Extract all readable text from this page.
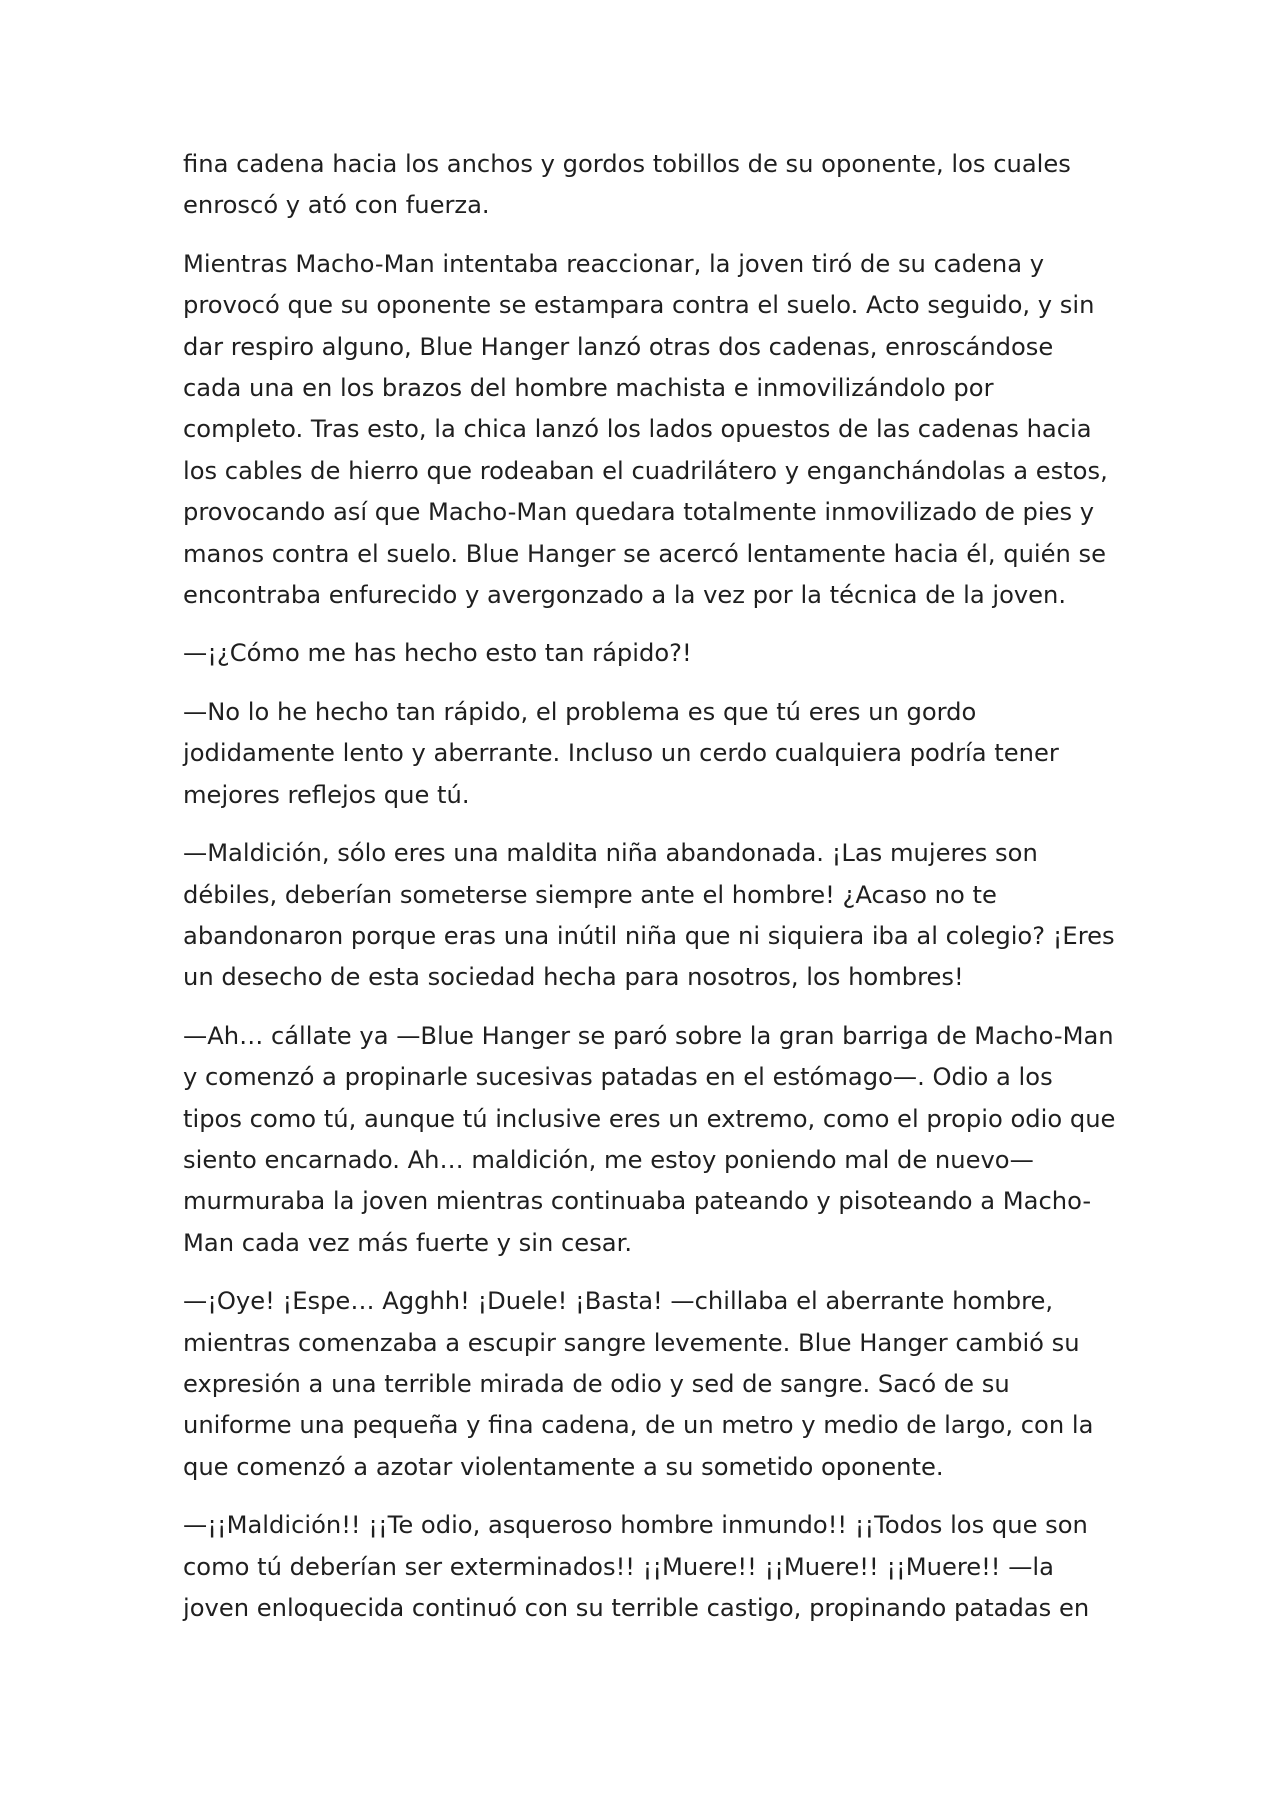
fina cadena hacia los anchos y gordos tobillos de su oponente, los cuales
enroscó y ató con fuerza.

Mientras Macho-Man intentaba reaccionar, la joven tiró de su cadena y
provocó que su oponente se estampara contra el suelo. Acto seguido, y sin
dar respiro alguno, Blue Hanger lanzó otras dos cadenas, enroscándose
cada una en los brazos del hombre machista e inmovilizándolo por
completo. Tras esto, la chica lanzó los lados opuestos de las cadenas hacia
los cables de hierro que rodeaban el cuadrilátero y enganchándolas a estos,
provocando así que Macho-Man quedara totalmente inmovilizado de pies y
manos contra el suelo. Blue Hanger se acercó lentamente hacia él, quién se
encontraba enfurecido y avergonzado a la vez por la técnica de la joven.

—¡¿Cómo me has hecho esto tan rápido?!

—No lo he hecho tan rápido, el problema es que tú eres un gordo
jodidamente lento y aberrante. Incluso un cerdo cualquiera podría tener
mejores reflejos que tú.

—Maldición, sólo eres una maldita niña abandonada. ¡Las mujeres son
débiles, deberían someterse siempre ante el hombre! ¿Acaso no te
abandonaron porque eras una inútil niña que ni siquiera iba al colegio? ¡Eres
un desecho de esta sociedad hecha para nosotros, los hombres!

—Ah… cállate ya —Blue Hanger se paró sobre la gran barriga de Macho-Man
y comenzó a propinarle sucesivas patadas en el estómago—. Odio a los
tipos como tú, aunque tú inclusive eres un extremo, como el propio odio que
siento encarnado. Ah… maldición, me estoy poniendo mal de nuevo—
murmuraba la joven mientras continuaba pateando y pisoteando a Macho-
Man cada vez más fuerte y sin cesar.

—¡Oye! ¡Espe… Agghh! ¡Duele! ¡Basta! —chillaba el aberrante hombre,
mientras comenzaba a escupir sangre levemente. Blue Hanger cambió su
expresión a una terrible mirada de odio y sed de sangre. Sacó de su
uniforme una pequeña y fina cadena, de un metro y medio de largo, con la
que comenzó a azotar violentamente a su sometido oponente.

—¡¡Maldición!! ¡¡Te odio, asqueroso hombre inmundo!! ¡¡Todos los que son
como tú deberían ser exterminados!! ¡¡Muere!! ¡¡Muere!! ¡¡Muere!! —la
joven enloquecida continuó con su terrible castigo, propinando patadas en
